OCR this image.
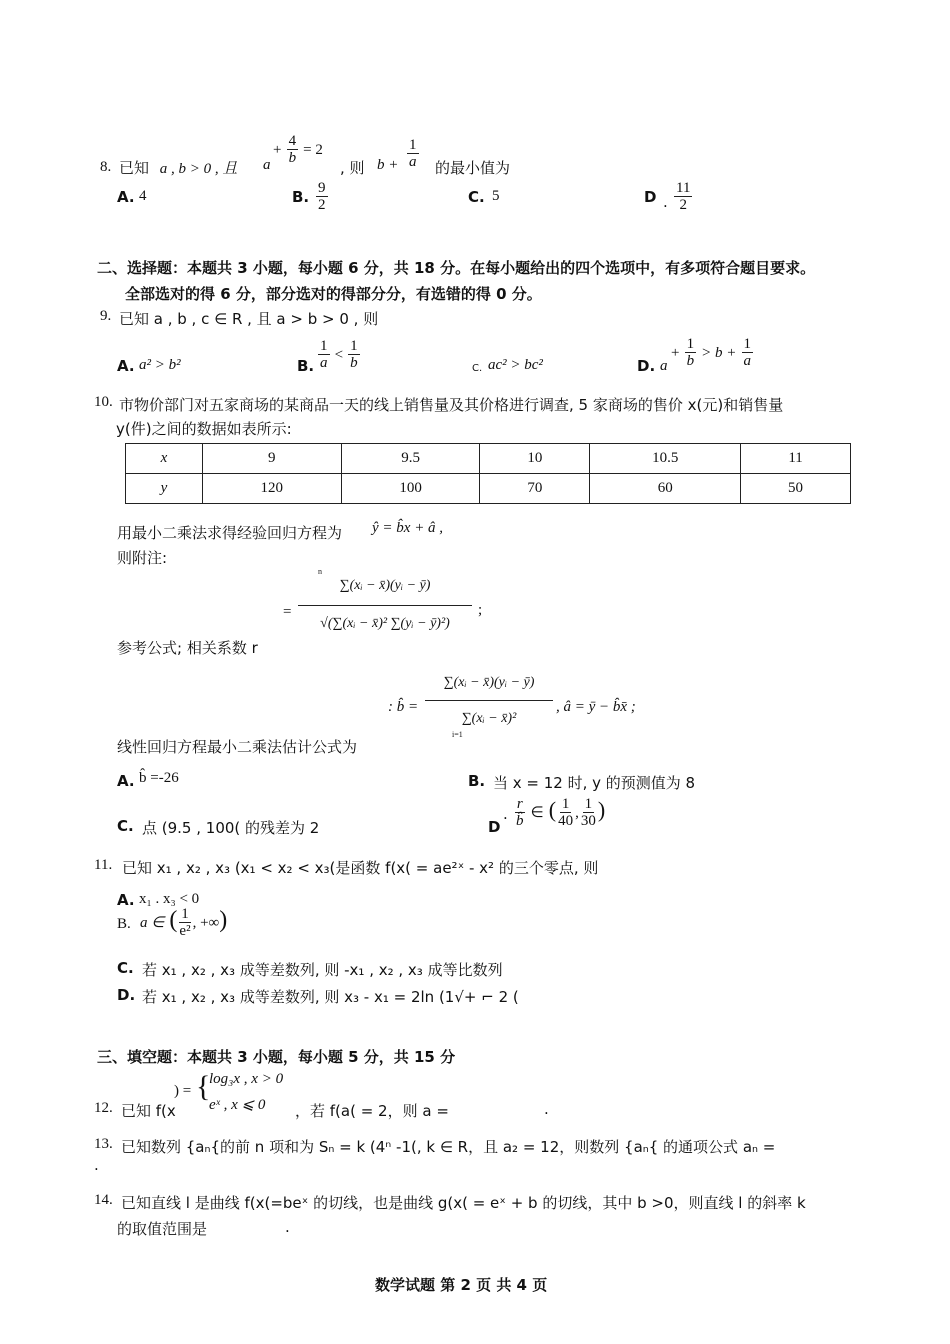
8. 已知 a , b > 0 , 且 a
+ $\frac{4}{b} = 2$
, 则 $b + \frac{1}{a}$ 的最小值为
A. 4	B. $\frac{9}{2}$	C. 5	D . $\frac{11}{2}$
二、选择题：本题共 3 小题，每小题 6 分，共 18 分。在每小题给出的四个选项中，有多项符合题目要求。
全部选对的得 6 分，部分选对的得部分分，有选错的得 0 分。
9. 已知 a , b , c ∈ R , 且 a > b > 0 , 则
A. a² > b²	B. $\frac{1}{a} < \frac{1}{b}$	C. ac² > bc²	D. a
+ $\frac{1}{b} > b + \frac{1}{a}$
10. 市物价部门对五家商场的某商品一天的线上销售量及其价格进行调查, 5 家商场的售价 x(元)和销售量
y(件)之间的数据如表所示:
x	9	9.5	10	10.5	11
y	120	100	70	60	50
用最小二乘法求得经验回归方程为 ŷ = b̂x + â ,
则附注:
=
∑(xᵢ − x̄)(yᵢ − ȳ)
√(∑(xᵢ − x̄)² ∑(yᵢ − ȳ)²)
n
;
参考公式; 相关系数 r
: b̂ =
∑(xᵢ − x̄)(yᵢ − ȳ)
∑(xᵢ − x̄)²
i=1
, â = ȳ − b̂x̄ ;
线性回归方程最小二乘法估计公式为
A. b̂ =-26	B. 当 x = 12 时, y 的预测值为 8
C. 点 (9.5 , 100( 的残差为 2	D
. $\frac{r}{b̂}$ ∈ ( $\frac{1}{40}$ , $\frac{1}{30}$ )
11. 已知 x₁ , x₂ , x₃ (x₁ < x₂ < x₃(是函数 f(x( = ae²ˣ - x² 的三个零点, 则
A. x₁ . x₃ < 0
B. a ∈ ( $\frac{1}{\text{e²}}$ , +∞)
C. 若 x₁ , x₂ , x₃ 成等差数列, 则 -x₁ , x₂ , x₃ 成等比数列
D. 若 x₁ , x₂ , x₃ 成等差数列, 则 x₃ - x₁ = 2ln (1√+ ⌐ 2 (
三、填空题：本题共 3 小题，每小题 5 分，共 15 分
12. 已知 f(x
) = {
log₃x , x > 0
eˣ , x ⩽ 0 ，若 f(a( = 2，则 a =	.
13. 已知数列 {aₙ{的前 n 项和为 Sₙ = k (4ⁿ -1(, k ∈ R，且 a₂ = 12，则数列 {aₙ{ 的通项公式 aₙ =
.
14. 已知直线 l 是曲线 f(x(=beˣ 的切线，也是曲线 g(x( = eˣ + b 的切线，其中 b >0，则直线 l 的斜率 k
的取值范围是	.
数学试题 第 2 页 共 4 页
